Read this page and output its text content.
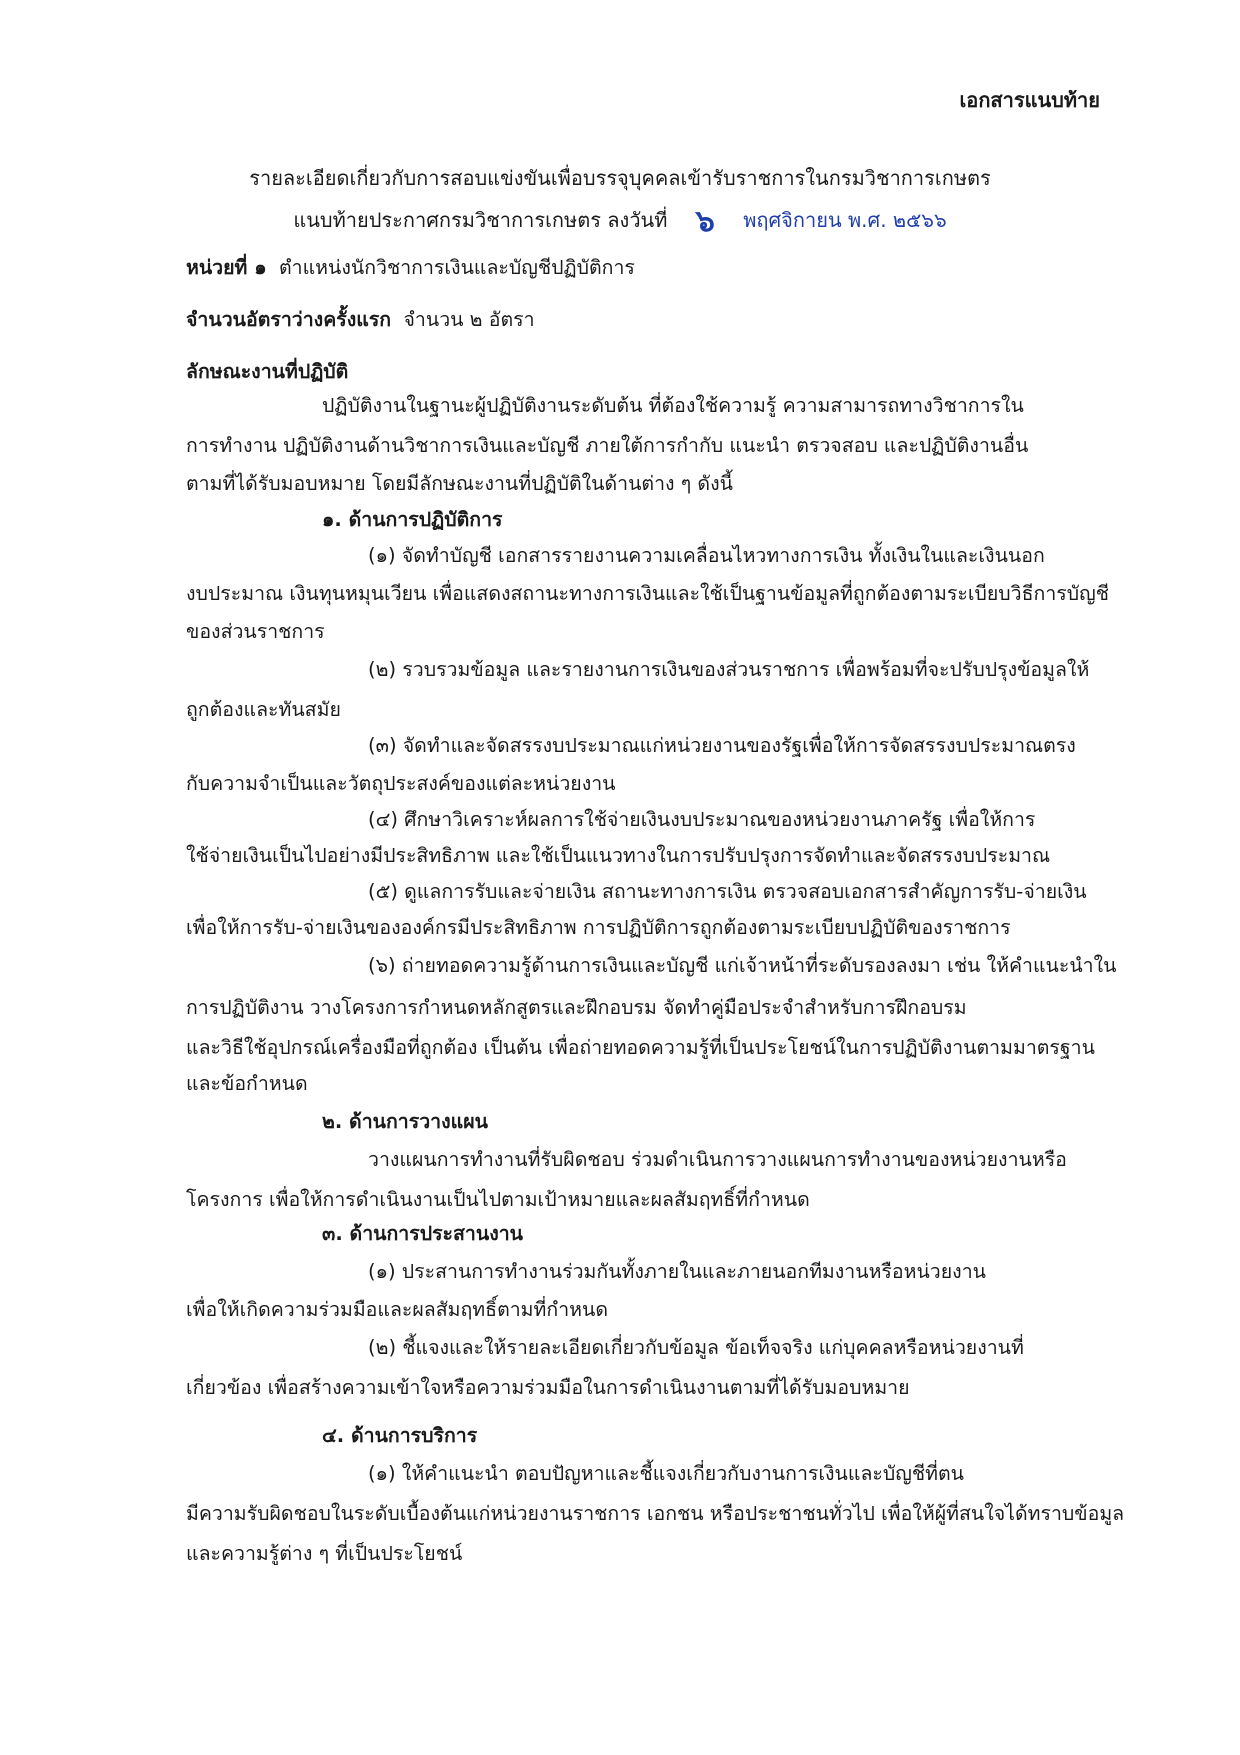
เอกสารแนบท้าย
รายละเอียดเกี่ยวกับการสอบแข่งขันเพื่อบรรจุบุคคลเข้ารับราชการในกรมวิชาการเกษตร
แนบท้ายประกาศกรมวิชาการเกษตร ลงวันที่ ๖ พฤศจิกายน พ.ศ. ๒๕๖๖
หน่วยที่ ๑ ตำแหน่งนักวิชาการเงินและบัญชีปฏิบัติการ
จำนวนอัตราว่างครั้งแรก จำนวน ๒ อัตรา
ลักษณะงานที่ปฏิบัติ
ปฏิบัติงานในฐานะผู้ปฏิบัติงานระดับต้น ที่ต้องใช้ความรู้ ความสามารถทางวิชาการใน
การทำงาน ปฏิบัติงานด้านวิชาการเงินและบัญชี ภายใต้การกำกับ แนะนำ ตรวจสอบ และปฏิบัติงานอื่น
ตามที่ได้รับมอบหมาย โดยมีลักษณะงานที่ปฏิบัติในด้านต่าง ๆ ดังนี้
๑. ด้านการปฏิบัติการ
(๑) จัดทำบัญชี เอกสารรายงานความเคลื่อนไหวทางการเงิน ทั้งเงินในและเงินนอก
งบประมาณ เงินทุนหมุนเวียน เพื่อแสดงสถานะทางการเงินและใช้เป็นฐานข้อมูลที่ถูกต้องตามระเบียบวิธีการบัญชี
ของส่วนราชการ
(๒) รวบรวมข้อมูล และรายงานการเงินของส่วนราชการ เพื่อพร้อมที่จะปรับปรุงข้อมูลให้
ถูกต้องและทันสมัย
(๓) จัดทำและจัดสรรงบประมาณแก่หน่วยงานของรัฐเพื่อให้การจัดสรรงบประมาณตรง
กับความจำเป็นและวัตถุประสงค์ของแต่ละหน่วยงาน
(๔) ศึกษาวิเคราะห์ผลการใช้จ่ายเงินงบประมาณของหน่วยงานภาครัฐ เพื่อให้การ
ใช้จ่ายเงินเป็นไปอย่างมีประสิทธิภาพ และใช้เป็นแนวทางในการปรับปรุงการจัดทำและจัดสรรงบประมาณ
(๕) ดูแลการรับและจ่ายเงิน สถานะทางการเงิน ตรวจสอบเอกสารสำคัญการรับ-จ่ายเงิน
เพื่อให้การรับ-จ่ายเงินขององค์กรมีประสิทธิภาพ การปฏิบัติการถูกต้องตามระเบียบปฏิบัติของราชการ
(๖) ถ่ายทอดความรู้ด้านการเงินและบัญชี แก่เจ้าหน้าที่ระดับรองลงมา เช่น ให้คำแนะนำใน
การปฏิบัติงาน วางโครงการกำหนดหลักสูตรและฝึกอบรม จัดทำคู่มือประจำสำหรับการฝึกอบรม
และวิธีใช้อุปกรณ์เครื่องมือที่ถูกต้อง เป็นต้น เพื่อถ่ายทอดความรู้ที่เป็นประโยชน์ในการปฏิบัติงานตามมาตรฐาน
และข้อกำหนด
๒. ด้านการวางแผน
วางแผนการทำงานที่รับผิดชอบ ร่วมดำเนินการวางแผนการทำงานของหน่วยงานหรือ
โครงการ เพื่อให้การดำเนินงานเป็นไปตามเป้าหมายและผลสัมฤทธิ์ที่กำหนด
๓. ด้านการประสานงาน
(๑) ประสานการทำงานร่วมกันทั้งภายในและภายนอกทีมงานหรือหน่วยงาน
เพื่อให้เกิดความร่วมมือและผลสัมฤทธิ์ตามที่กำหนด
(๒) ชี้แจงและให้รายละเอียดเกี่ยวกับข้อมูล ข้อเท็จจริง แก่บุคคลหรือหน่วยงานที่
เกี่ยวข้อง เพื่อสร้างความเข้าใจหรือความร่วมมือในการดำเนินงานตามที่ได้รับมอบหมาย
๔. ด้านการบริการ
(๑) ให้คำแนะนำ ตอบปัญหาและชี้แจงเกี่ยวกับงานการเงินและบัญชีที่ตน
มีความรับผิดชอบในระดับเบื้องต้นแก่หน่วยงานราชการ เอกชน หรือประชาชนทั่วไป เพื่อให้ผู้ที่สนใจได้ทราบข้อมูล
และความรู้ต่าง ๆ ที่เป็นประโยชน์
